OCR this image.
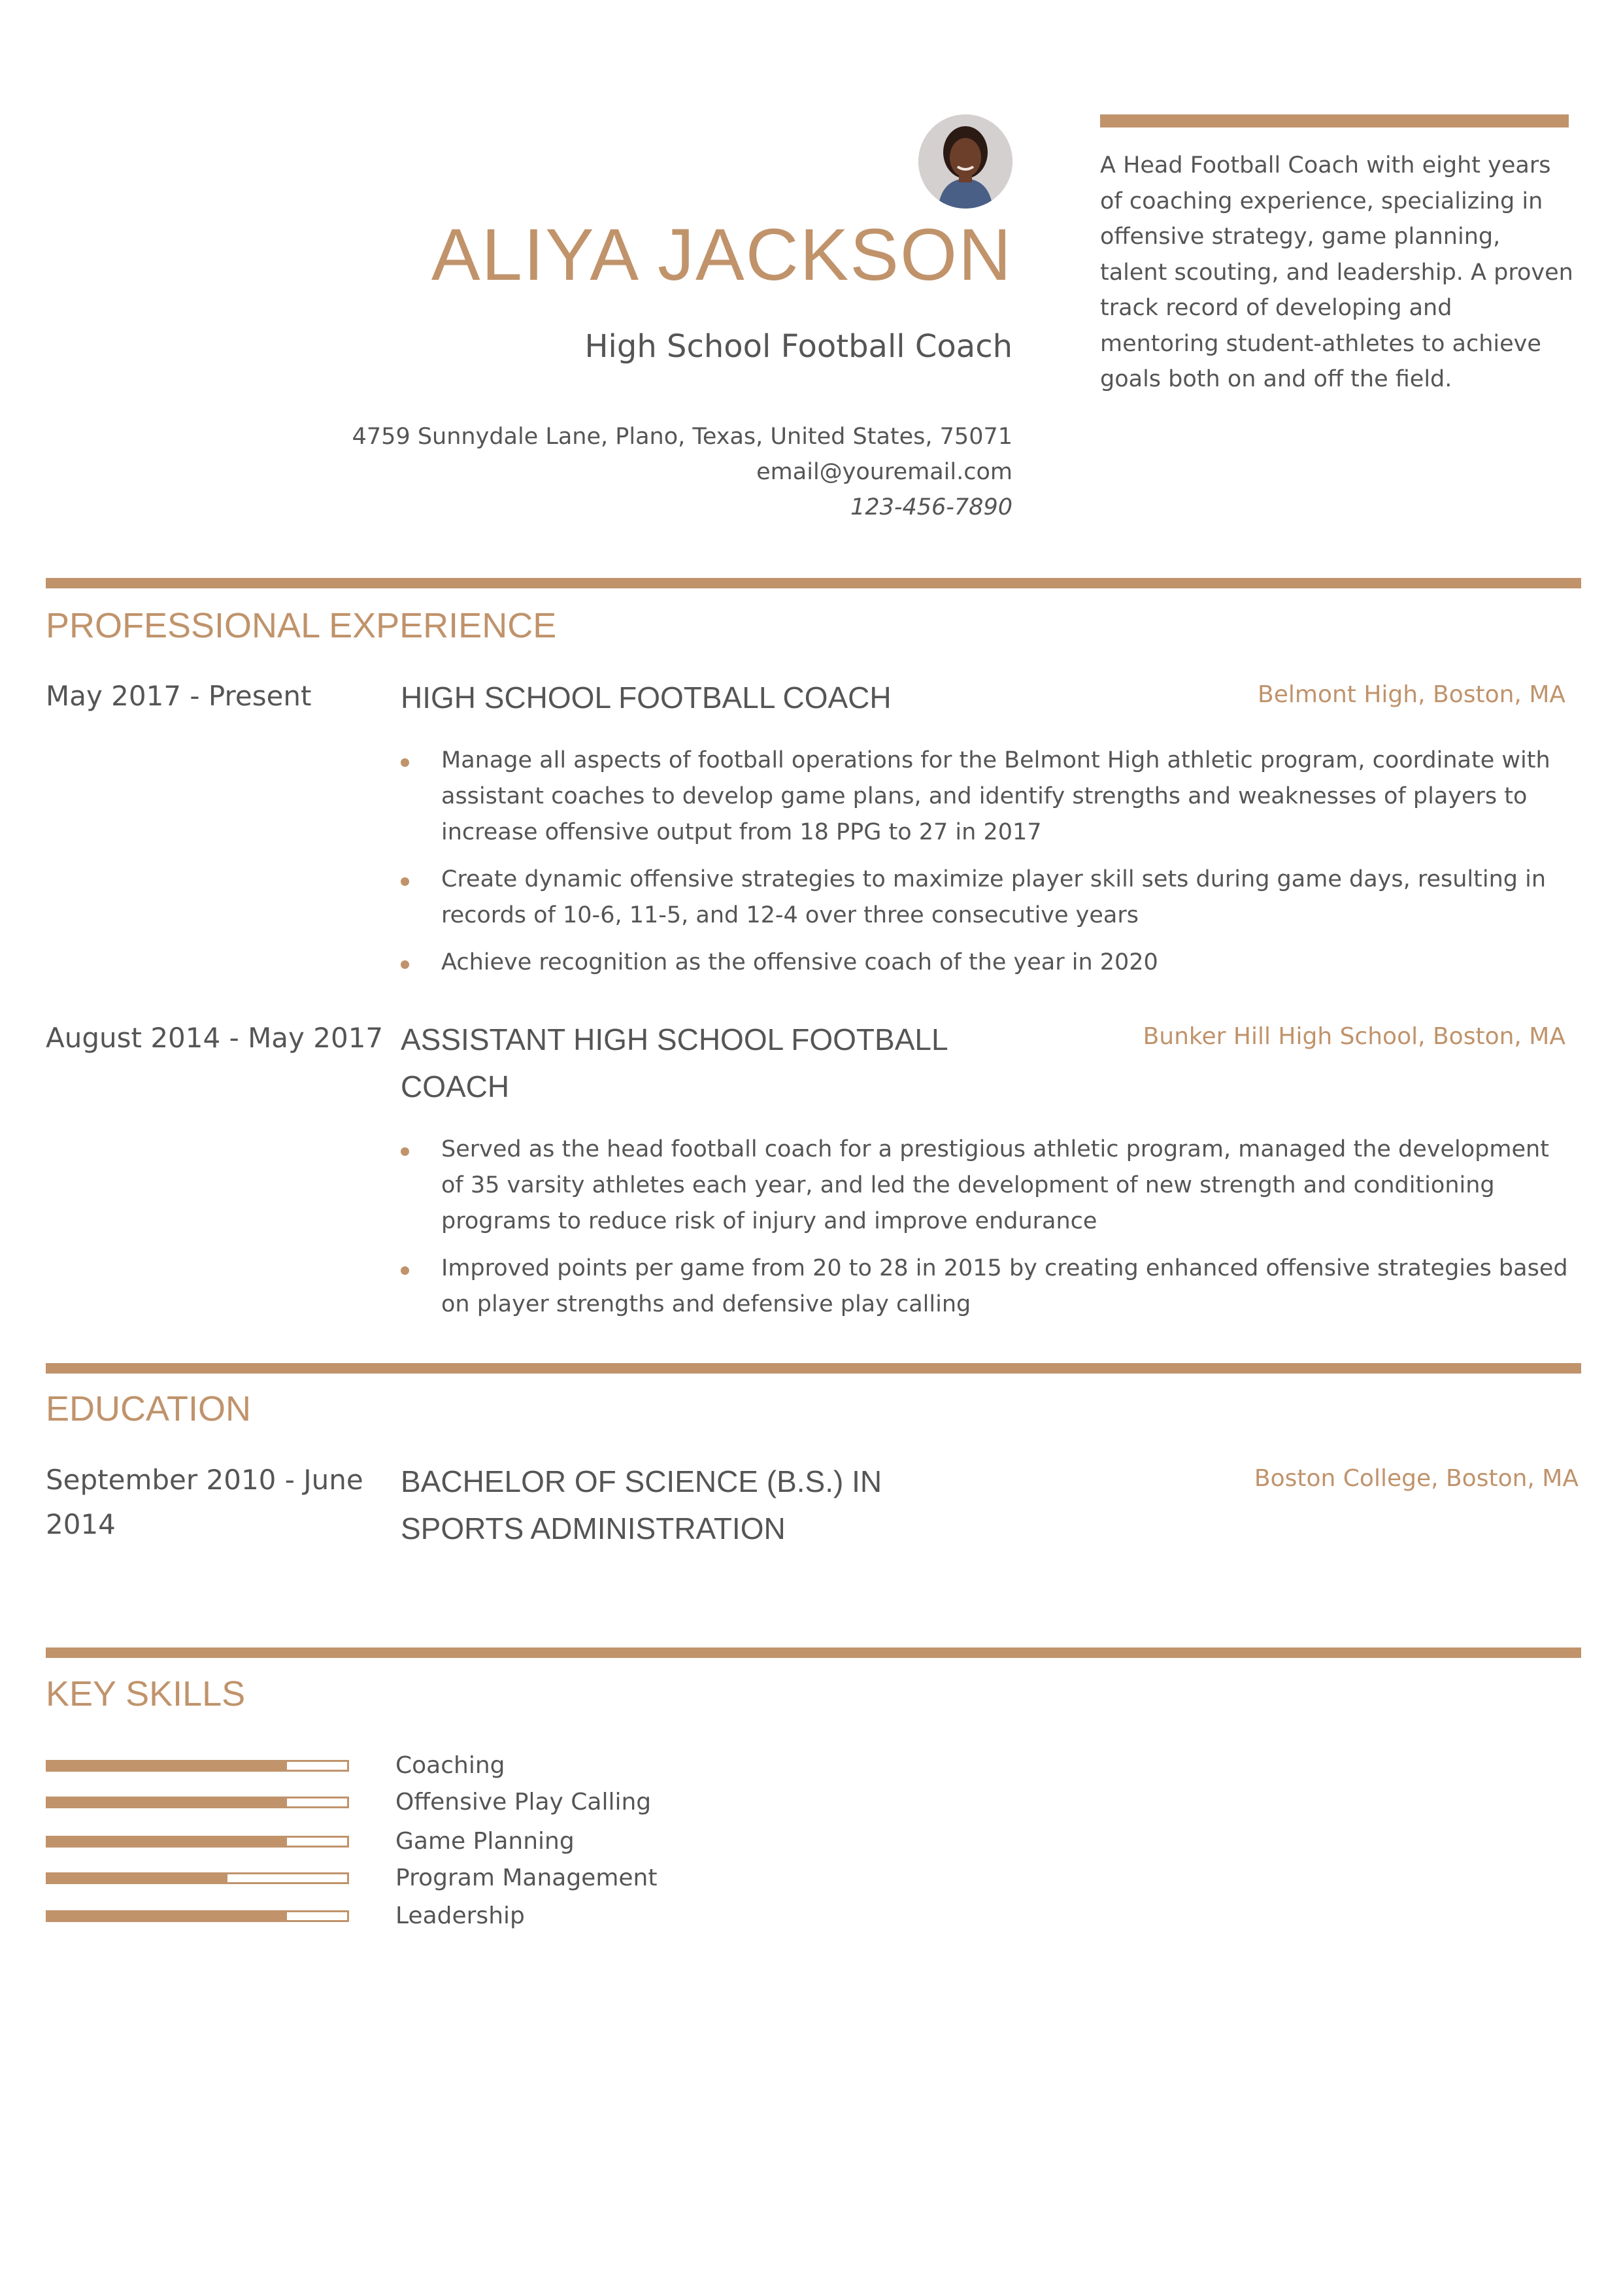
ALIYA JACKSON
High School Football Coach
4759 Sunnydale Lane, Plano, Texas, United States, 75071
email@youremail.com
123-456-7890
A Head Football Coach with eight years of coaching experience, specializing in offensive strategy, game planning, talent scouting, and leadership. A proven track record of developing and mentoring student-athletes to achieve goals both on and off the field.
PROFESSIONAL EXPERIENCE
May 2017 - Present	HIGH SCHOOL FOOTBALL COACH	Belmont High, Boston, MA
Manage all aspects of football operations for the Belmont High athletic program, coordinate with assistant coaches to develop game plans, and identify strengths and weaknesses of players to increase offensive output from 18 PPG to 27 in 2017
Create dynamic offensive strategies to maximize player skill sets during game days, resulting in records of 10-6, 11-5, and 12-4 over three consecutive years
Achieve recognition as the offensive coach of the year in 2020
August 2014 - May 2017 ASSISTANT HIGH SCHOOL FOOTBALL COACH
Bunker Hill High School, Boston, MA
Served as the head football coach for a prestigious athletic program, managed the development of 35 varsity athletes each year, and led the development of new strength and conditioning programs to reduce risk of injury and improve endurance
Improved points per game from 20 to 28 in 2015 by creating enhanced offensive strategies based on player strengths and defensive play calling
EDUCATION
September 2010 - June 2014
BACHELOR OF SCIENCE (B.S.) IN SPORTS ADMINISTRATION
Boston College, Boston, MA
KEY SKILLS
Coaching
Offensive Play Calling
Game Planning
Program Management
Leadership
